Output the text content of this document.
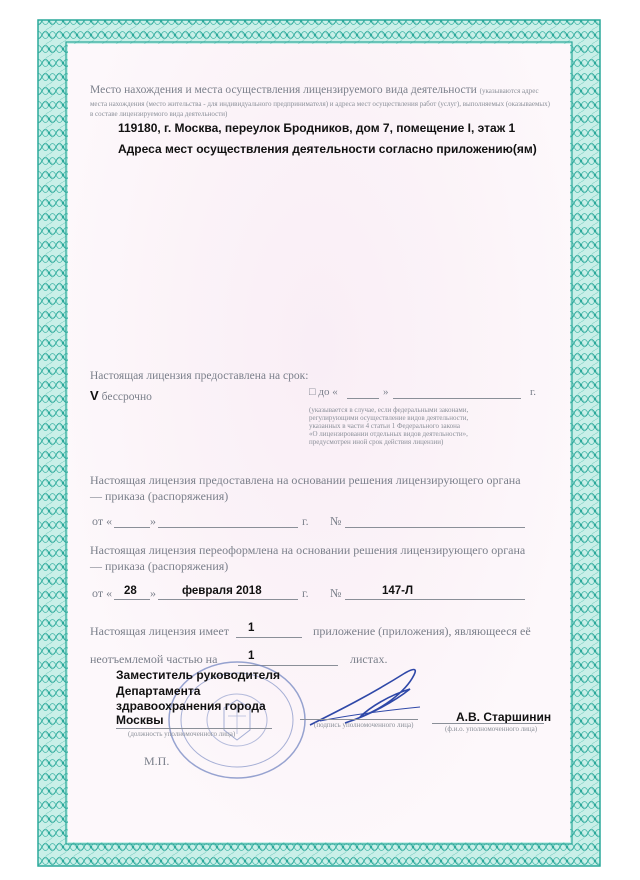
Место нахождения и места осуществления лицензируемого вида деятельности (указываются адрес
места нахождения (место жительства - для индивидуального предпринимателя) и адреса мест осуществления работ (услуг), выполняемых (оказываемых)
в составе лицензируемого вида деятельности)
119180, г. Москва, переулок Бродников, дом 7, помещение I, этаж 1
Адреса мест осуществления деятельности согласно приложению(ям)
Настоящая лицензия предоставлена на срок:
V бессрочно	□ до «	»	г.
(указывается в случае, если федеральными законами,
регулирующими осуществление видов деятельности,
указанных в части 4 статьи 1 Федерального закона
«О лицензировании отдельных видов деятельности»,
предусмотрен иной срок действия лицензии)
Настоящая лицензия предоставлена на основании решения лицензирующего органа
— приказа (распоряжения)
от «	»	г. №
Настоящая лицензия переоформлена на основании решения лицензирующего органа
— приказа (распоряжения)
от « 28 » февраля 2018	г. №	147-Л
Настоящая лицензия имеет 1	приложение (приложения), являющееся её
неотъемлемой частью на	1	листах.
Заместитель руководителя
Департамента
здравоохранения города
Москвы
(должность уполномоченного лица)
(подпись уполномоченного лица)
А.В. Старшинин
(ф.и.о. уполномоченного лица)
М.П.
